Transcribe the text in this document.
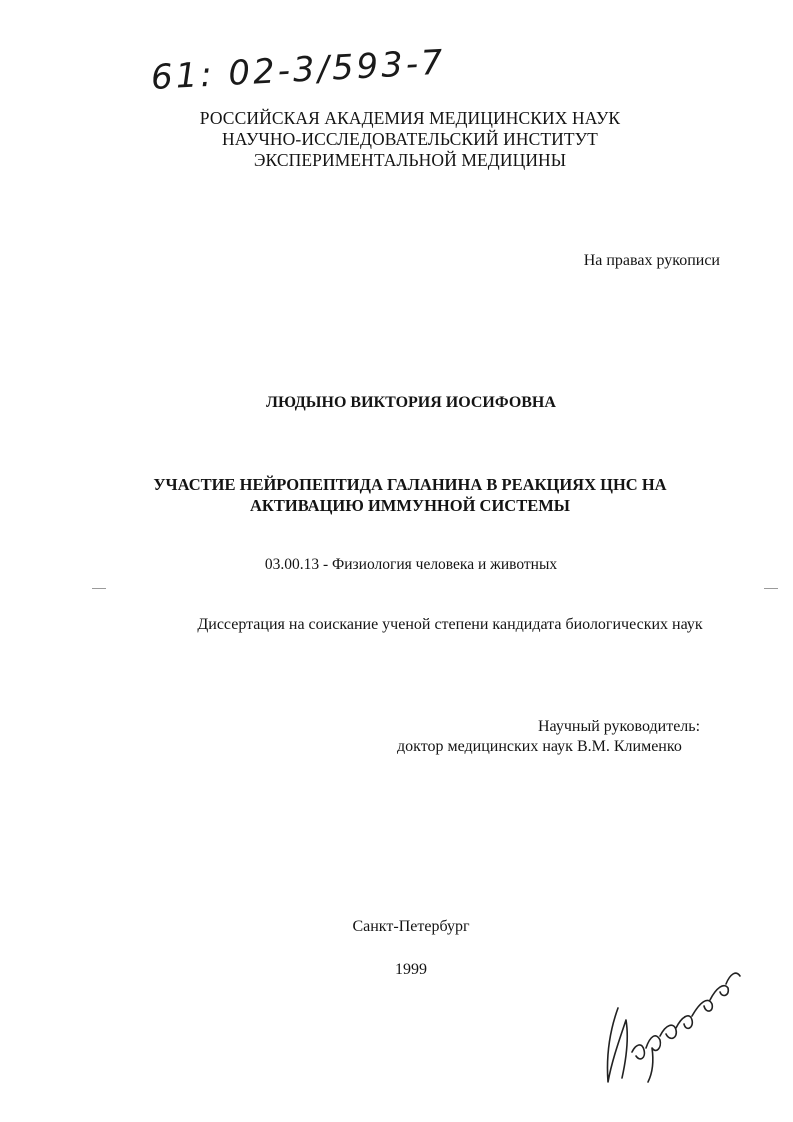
61: 02-3/593-7
РОССИЙСКАЯ АКАДЕМИЯ МЕДИЦИНСКИХ НАУК
НАУЧНО-ИССЛЕДОВАТЕЛЬСКИЙ ИНСТИТУТ
ЭКСПЕРИМЕНТАЛЬНОЙ МЕДИЦИНЫ
На правах рукописи
ЛЮДЫНО ВИКТОРИЯ ИОСИФОВНА
УЧАСТИЕ НЕЙРОПЕПТИДА ГАЛАНИНА В РЕАКЦИЯХ ЦНС НА
АКТИВАЦИЮ ИММУННОЙ СИСТЕМЫ
03.00.13 - Физиология человека и животных
Диссертация на соискание ученой степени кандидата биологических наук
Научный руководитель:
доктор медицинских наук В.М. Клименко
Санкт-Петербург
1999
